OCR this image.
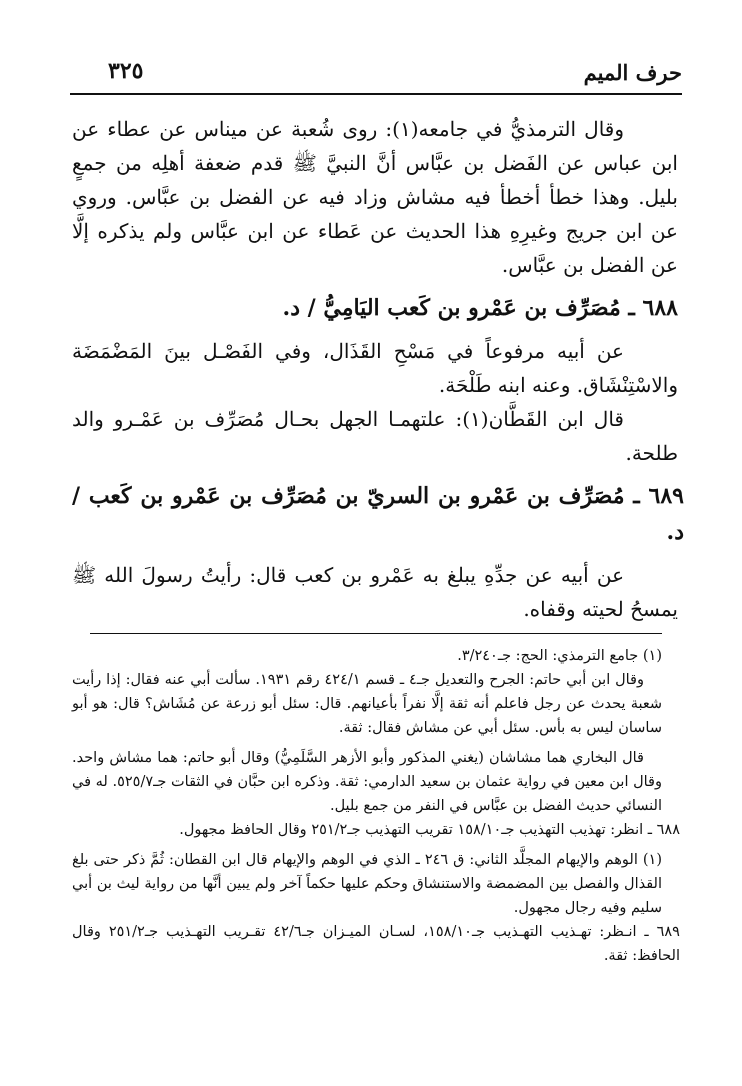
حرف الميم
٣٢٥

وقال الترمذيُّ في جامعه(١): روى شُعبة عن ميناس عن عطاء عن ابن عباس عن الفَضل بن عبَّاس أنَّ النبيَّ ﷺ قدم ضعفة أهلِه من جمعٍ بليل. وهذا خطأ أخطأ فيه مشاش وزاد فيه عن الفضل بن عبَّاس. وروي عن ابن جريج وغيرِهِ هذا الحديث عن عَطاء عن ابن عبَّاس ولم يذكره إلَّا عن الفضل بن عبَّاس.

٦٨٨ ـ مُصَرِّف بن عَمْرو بن كَعب اليَامِيُّ / د.

عن أبيه مرفوعاً في مَسْحِ القَذَال، وفي الفَصْـل بينَ المَضْمَضَة والاسْتِنْشَاق. وعنه ابنه طَلْحَة.

قال ابن القَطَّان(١): علتهمـا الجهل بحـال مُصَرِّف بن عَمْـرو والد طلحة.

٦٨٩ ـ مُصَرِّف بن عَمْرو بن السريّ بن مُصَرِّف بن عَمْرو بن كَعب / د.

عن أبيه عن جدِّهِ يبلغ به عَمْرو بن كعب قال: رأيتُ رسولَ الله ﷺ يمسحُ لحيته وقفاه.

(١) جامع الترمذي: الحج: جـ٣/٢٤٠.

وقال ابن أبي حاتم: الجرح والتعديل جـ٤ ـ قسم ٤٢٤/١ رقم ١٩٣١. سألت أبي عنه فقال: إذا رأيت شعبة يحدث عن رجل فاعلم أنه ثقة إلَّا نفراً بأعيانهم. قال: سئل أبو زرعة عن مُشَاش؟ قال: هو أبو ساسان ليس به بأس. سئل أبي عن مشاش فقال: ثقة.

قال البخاري هما مشاشان (يغني المذكور وأبو الأزهر السَّلَمِيُّ) وقال أبو حاتم: هما مشاش واحد. وقال ابن معين في رواية عثمان بن سعيد الدارمي: ثقة. وذكره ابن حبَّان في الثقات جـ٥٢٥/٧. له في النسائي حديث الفضل بن عبَّاس في النفر من جمع بليل.

٦٨٨ ـ انظر: تهذيب التهذيب جـ١٥٨/١٠ تقريب التهذيب جـ٢٥١/٢ وقال الحافظ مجهول.

(١) الوهم والإيهام المجلَّد الثاني: ق ٢٤٦ ـ الذي في الوهم والإيهام قال ابن القطان: ثُمَّ ذكر حتى بلغ القذال والفصل بين المضمضة والاستنشاق وحكم عليها حكماً آخر ولم يبين أنَّها من رواية ليث بن أبي سليم وفيه رجال مجهول.

٦٨٩ ـ انـظر: تهـذيب التهـذيب جـ١٥٨/١٠، لسـان الميـزان جـ٤٢/٦ تقـريب التهـذيب جـ٢٥١/٢ وقال الحافظ: ثقة.
